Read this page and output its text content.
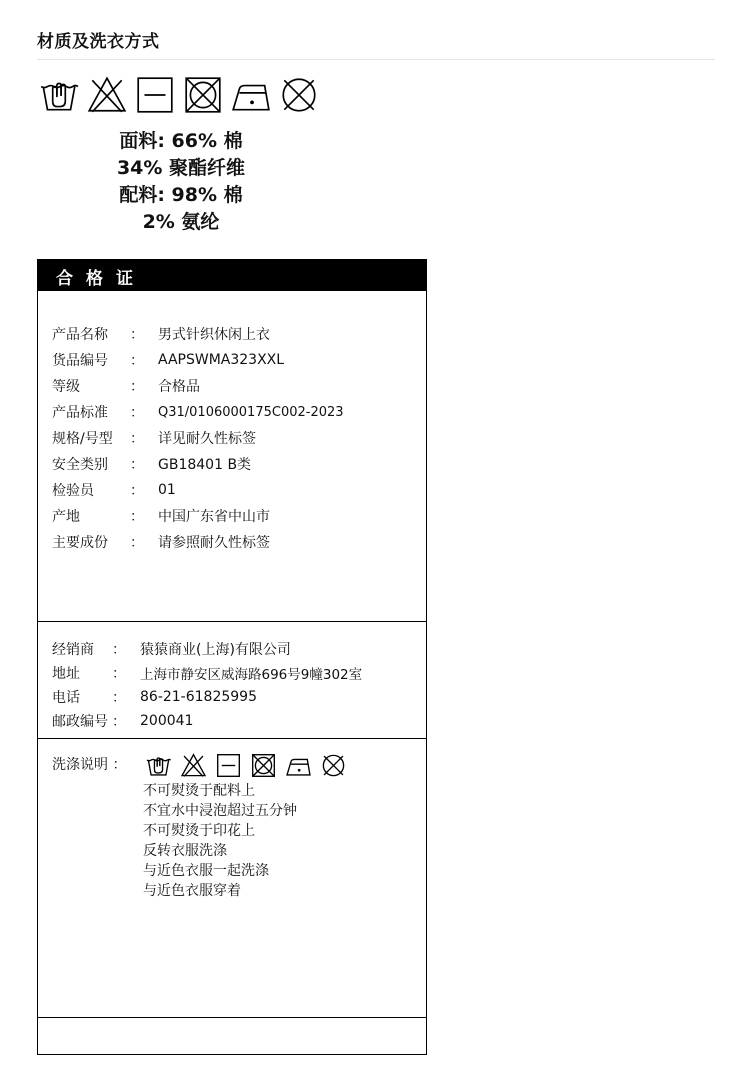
材质及洗衣方式
面料: 66% 棉
34% 聚酯纤维
配料: 98% 棉
2% 氨纶
合格证
产品名称	：	男式针织休闲上衣
货品编号	：	AAPSWMA323XXL
等级	：	合格品
产品标准	：	Q31/0106000175C002-2023
规格/号型	：	详见耐久性标签
安全类别	：	GB18401 B类
检验员	：	01
产地	：	中国广东省中山市
主要成份	：	请参照耐久性标签
经销商	：	猿猿商业(上海)有限公司
地址	：	上海市静安区威海路696号9幢302室
电话	：	86-21-61825995
邮政编号 ：	200041
洗涤说明 ：
不可熨烫于配料上
不宜水中浸泡超过五分钟
不可熨烫于印花上
反转衣服洗涤
与近色衣服一起洗涤
与近色衣服穿着
